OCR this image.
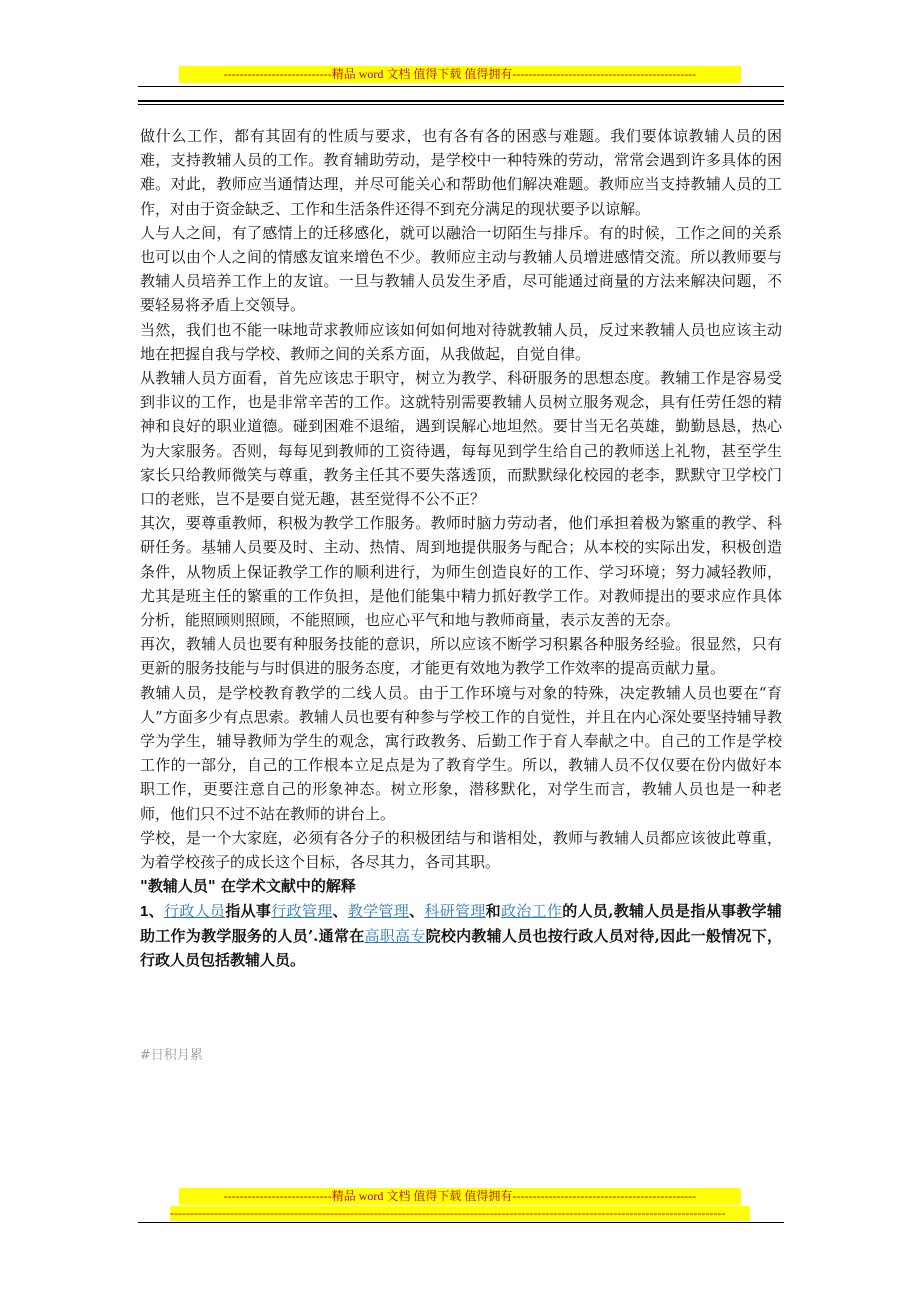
---------------------------精品 word 文档 值得下载 值得拥有----------------------------------------------

做什么工作，都有其固有的性质与要求，也有各有各的困惑与难题。我们要体谅教辅人员的困难，支持教辅人员的工作。教育辅助劳动，是学校中一种特殊的劳动，常常会遇到许多具体的困难。对此，教师应当通情达理，并尽可能关心和帮助他们解决难题。教师应当支持教辅人员的工作，对由于资金缺乏、工作和生活条件还得不到充分满足的现状要予以谅解。

人与人之间，有了感情上的迁移感化，就可以融洽一切陌生与排斥。有的时候，工作之间的关系也可以由个人之间的情感友谊来增色不少。教师应主动与教辅人员增进感情交流。所以教师要与教辅人员培养工作上的友谊。一旦与教辅人员发生矛盾，尽可能通过商量的方法来解决问题，不要轻易将矛盾上交领导。

当然，我们也不能一味地苛求教师应该如何如何地对待就教辅人员，反过来教辅人员也应该主动地在把握自我与学校、教师之间的关系方面，从我做起，自觉自律。

从教辅人员方面看，首先应该忠于职守，树立为教学、科研服务的思想态度。教辅工作是容易受到非议的工作，也是非常辛苦的工作。这就特别需要教辅人员树立服务观念，具有任劳任怨的精神和良好的职业道德。碰到困难不退缩，遇到误解心地坦然。要甘当无名英雄，勤勤恳恳，热心为大家服务。否则，每每见到教师的工资待遇，每每见到学生给自己的教师送上礼物，甚至学生家长只给教师微笑与尊重，教务主任其不要失落透顶，而默默绿化校园的老李，默默守卫学校门口的老账，岂不是要自觉无趣，甚至觉得不公不正？

其次，要尊重教师，积极为教学工作服务。教师时脑力劳动者，他们承担着极为繁重的教学、科研任务。基辅人员要及时、主动、热情、周到地提供服务与配合；从本校的实际出发，积极创造条件，从物质上保证教学工作的顺利进行，为师生创造良好的工作、学习环境；努力减轻教师，尤其是班主任的繁重的工作负担，是他们能集中精力抓好教学工作。对教师提出的要求应作具体分析，能照顾则照顾，不能照顾，也应心平气和地与教师商量，表示友善的无奈。

再次，教辅人员也要有种服务技能的意识，所以应该不断学习积累各种服务经验。很显然，只有更新的服务技能与与时俱进的服务态度，才能更有效地为教学工作效率的提高贡献力量。

教辅人员，是学校教育教学的二线人员。由于工作环境与对象的特殊，决定教辅人员也要在“育人”方面多少有点思索。教辅人员也要有种参与学校工作的自觉性，并且在内心深处要坚持辅导教学为学生，辅导教师为学生的观念，寓行政教务、后勤工作于育人奉献之中。自己的工作是学校工作的一部分，自己的工作根本立足点是为了教育学生。所以，教辅人员不仅仅要在份内做好本职工作，更要注意自己的形象神态。树立形象，潜移默化，对学生而言，教辅人员也是一种老师，他们只不过不站在教师的讲台上。

学校，是一个大家庭，必须有各分子的积极团结与和谐相处，教师与教辅人员都应该彼此尊重，为着学校孩子的成长这个目标，各尽其力，各司其职。

"教辅人员" 在学术文献中的解释

1、行政人员指从事行政管理、教学管理、科研管理和政治工作的人员,教辅人员是指从事教学辅助工作为教学服务的人员’.通常在高职高专院校内教辅人员也按行政人员对待,因此一般情况下，行政人员包括教辅人员。

#日积月累
---------------------------精品 word 文档 值得下载 值得拥有----------------------------------------------
-------------------------------------------------------------------------------------------------------------------------------------------
